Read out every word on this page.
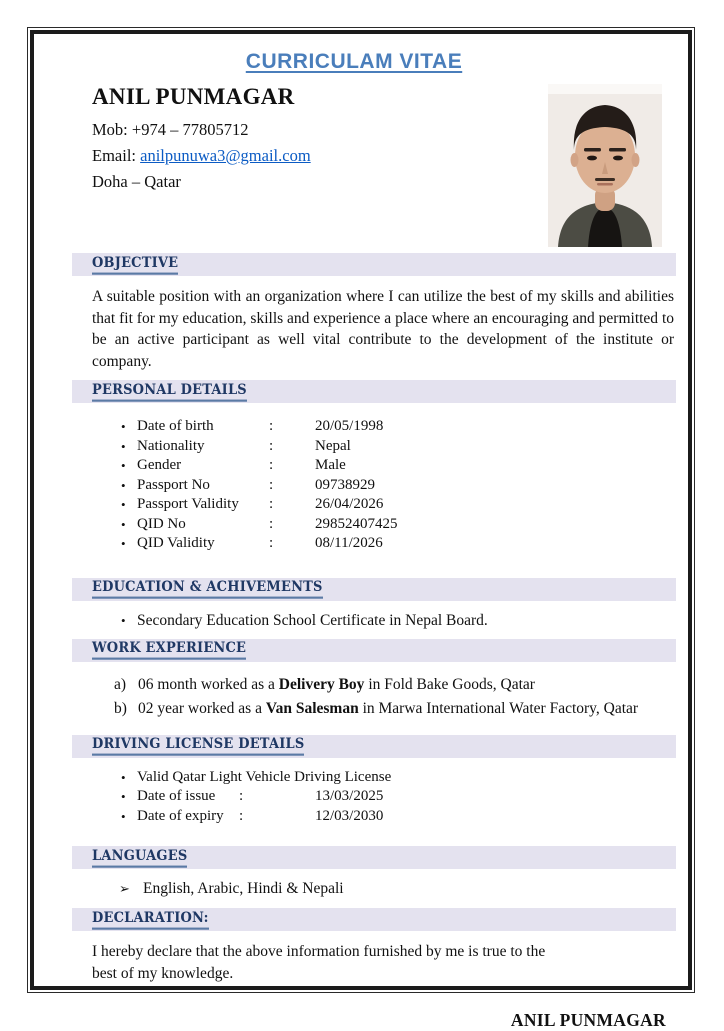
CURRICULAM VITAE
ANIL PUNMAGAR
Mob: +974 – 77805712
Email: anilpunuwa3@gmail.com
Doha – Qatar
OBJECTIVE

A suitable position with an organization where I can utilize the best of my skills and abilities that fit for my education, skills and experience a place where an encouraging and permitted to be an active participant as well vital contribute to the development of the institute or company.

PERSONAL DETAILS
• Date of birth	:	20/05/1998
• Nationality	:	Nepal
• Gender	:	Male
• Passport No	:	09738929
• Passport Validity	:	26/04/2026
• QID No	:	29852407425
• QID Validity	:	08/11/2026
EDUCATION & ACHIVEMENTS
• Secondary Education School Certificate in Nepal Board.
WORK EXPERIENCE
a) 06 month worked as a Delivery Boy in Fold Bake Goods, Qatar
b) 02 year worked as a Van Salesman in Marwa International Water Factory, Qatar
DRIVING LICENSE DETAILS
• Valid Qatar Light Vehicle Driving License
• Date of issue	:	13/03/2025
• Date of expiry	:	12/03/2030
LANGUAGES
➢ English, Arabic, Hindi & Nepali
DECLARATION:

I hereby declare that the above information furnished by me is true to the best of my knowledge.

ANIL PUNMAGAR
